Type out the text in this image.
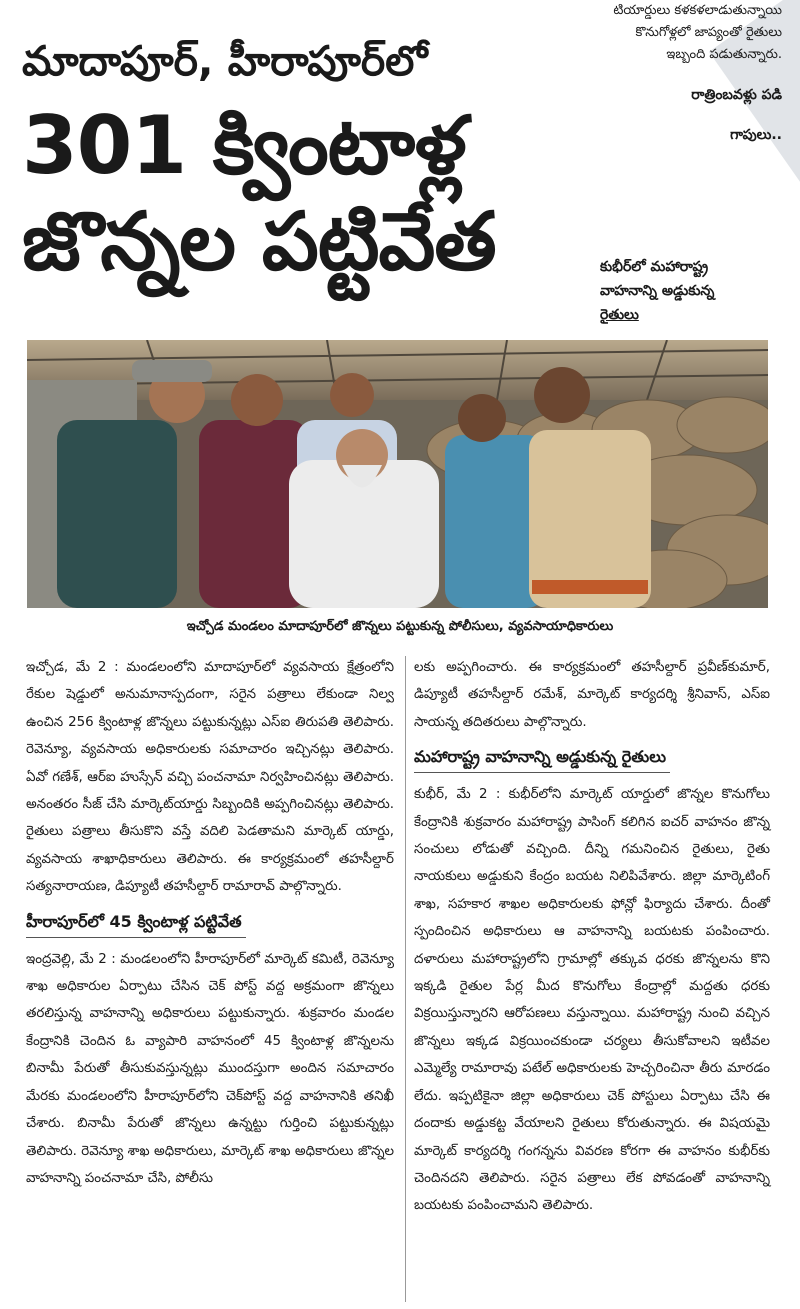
టియార్డులు కళకళలాడుతున్నాయి
కొనుగోళ్లలో జాప్యంతో రైతులు
ఇబ్బంది పడుతున్నారు.
రాత్రింబవళ్లు పడి
గాపులు..
మాదాపూర్, హీరాపూర్‌లో
301 క్వింటాళ్ల
జొన్నల పట్టివేత	కుభీర్‌లో మహారాష్ట్ర
వాహనాన్ని అడ్డుకున్న
రైతులు
ఇచ్చోడ మండలం మాదాపూర్‌లో జొన్నలు పట్టుకున్న పోలీసులు, వ్యవసాయాధికారులు

ఇచ్చోడ, మే 2 : మండలంలోని మాదాపూర్‌లో వ్యవసాయ క్షేత్రంలోని రేకుల షెడ్డులో అనుమానాస్పదంగా, సరైన పత్రాలు లేకుండా నిల్వ ఉంచిన 256 క్వింటాళ్ల జొన్నలు పట్టుకున్నట్లు ఎస్‌ఐ తిరుపతి తెలిపారు. రెవెన్యూ, వ్యవసాయ అధికారులకు సమాచారం ఇచ్చినట్లు తెలిపారు. ఏవో గణేశ్, ఆర్‌ఐ హుస్సేన్ వచ్చి పంచనామా నిర్వహించినట్లు తెలిపారు. అనంతరం సీజ్ చేసి మార్కెట్‌యార్డు సిబ్బందికి అప్పగించినట్లు తెలిపారు. రైతులు పత్రాలు తీసుకొని వస్తే వదిలి పెడతామని మార్కెట్ యార్డు, వ్యవసాయ శాఖాధికారులు తెలిపారు. ఈ కార్యక్రమంలో తహసీల్దార్ సత్యనారాయణ, డిప్యూటీ తహసీల్దార్ రామారావ్ పాల్గొన్నారు.

హీరాపూర్‌లో 45 క్వింటాళ్ల పట్టివేత

ఇంద్రవెల్లి, మే 2 : మండలంలోని హీరాపూర్‌లో మార్కెట్ కమిటీ, రెవెన్యూ శాఖ అధికారుల ఏర్పాటు చేసిన చెక్ పోస్ట్ వద్ద అక్రమంగా జొన్నలు తరలిస్తున్న వాహనాన్ని అధికారులు పట్టుకున్నారు. శుక్రవారం మండల కేంద్రానికి చెందిన ఓ వ్యాపారి వాహనంలో 45 క్వింటాళ్ల జొన్నలను బినామీ పేరుతో తీసుకువస్తున్నట్లు ముందస్తుగా అందిన సమాచారం మేరకు మండలంలోని హీరాపూర్‌లోని చెక్‌పోస్ట్ వద్ద వాహనానికి తనిఖీ చేశారు. బినామీ పేరుతో జొన్నలు ఉన్నట్టు గుర్తించి పట్టుకున్నట్లు తెలిపారు. రెవెన్యూ శాఖ అధికారులు, మార్కెట్ శాఖ అధికారులు జొన్నల వాహనాన్ని పంచనామా చేసి, పోలీసు

లకు అప్పగించారు. ఈ కార్యక్రమంలో తహసీల్దార్ ప్రవీణ్‌కుమార్, డిప్యూటీ తహసీల్దార్ రమేశ్, మార్కెట్ కార్యదర్శి శ్రీనివాస్, ఎస్‌ఐ సాయన్న తదితరులు పాల్గొన్నారు.

మహారాష్ట్ర వాహనాన్ని అడ్డుకున్న రైతులు

కుభీర్, మే 2 : కుభీర్‌లోని మార్కెట్ యార్డులో జొన్నల కొనుగోలు కేంద్రానికి శుక్రవారం మహారాష్ట్ర పాసింగ్ కలిగిన ఐచర్ వాహనం జొన్న సంచులు లోడుతో వచ్చింది. దీన్ని గమనించిన రైతులు, రైతు నాయకులు అడ్డుకుని కేంద్రం బయట నిలిపివేశారు. జిల్లా మార్కెటింగ్ శాఖ, సహకార శాఖల అధికారులకు ఫోన్లో ఫిర్యాదు చేశారు. దీంతో స్పందించిన అధికారులు ఆ వాహనాన్ని బయటకు పంపించారు. దళారులు మహారాష్ట్రలోని గ్రామాల్లో తక్కువ ధరకు జొన్నలను కొని ఇక్కడి రైతుల పేర్ల మీద కొనుగోలు కేంద్రాల్లో మద్దతు ధరకు విక్రయిస్తున్నారని ఆరోపణలు వస్తున్నాయి. మహారాష్ట్ర నుంచి వచ్చిన జొన్నలు ఇక్కడ విక్రయించకుండా చర్యలు తీసుకోవాలని ఇటీవల ఎమ్మెల్యే రామారావు పటేల్ అధికారులకు హెచ్చరించినా తీరు మారడం లేదు. ఇప్పటికైనా జిల్లా అధికారులు చెక్ పోస్టులు ఏర్పాటు చేసి ఈ దందాకు అడ్డుకట్ట వేయాలని రైతులు కోరుతున్నారు. ఈ విషయమై మార్కెట్ కార్యదర్శి గంగన్నను వివరణ కోరగా ఈ వాహనం కుభీర్‌కు చెందినదని తెలిపారు. సరైన పత్రాలు లేక పోవడంతో వాహనాన్ని బయటకు పంపించామని తెలిపారు.
